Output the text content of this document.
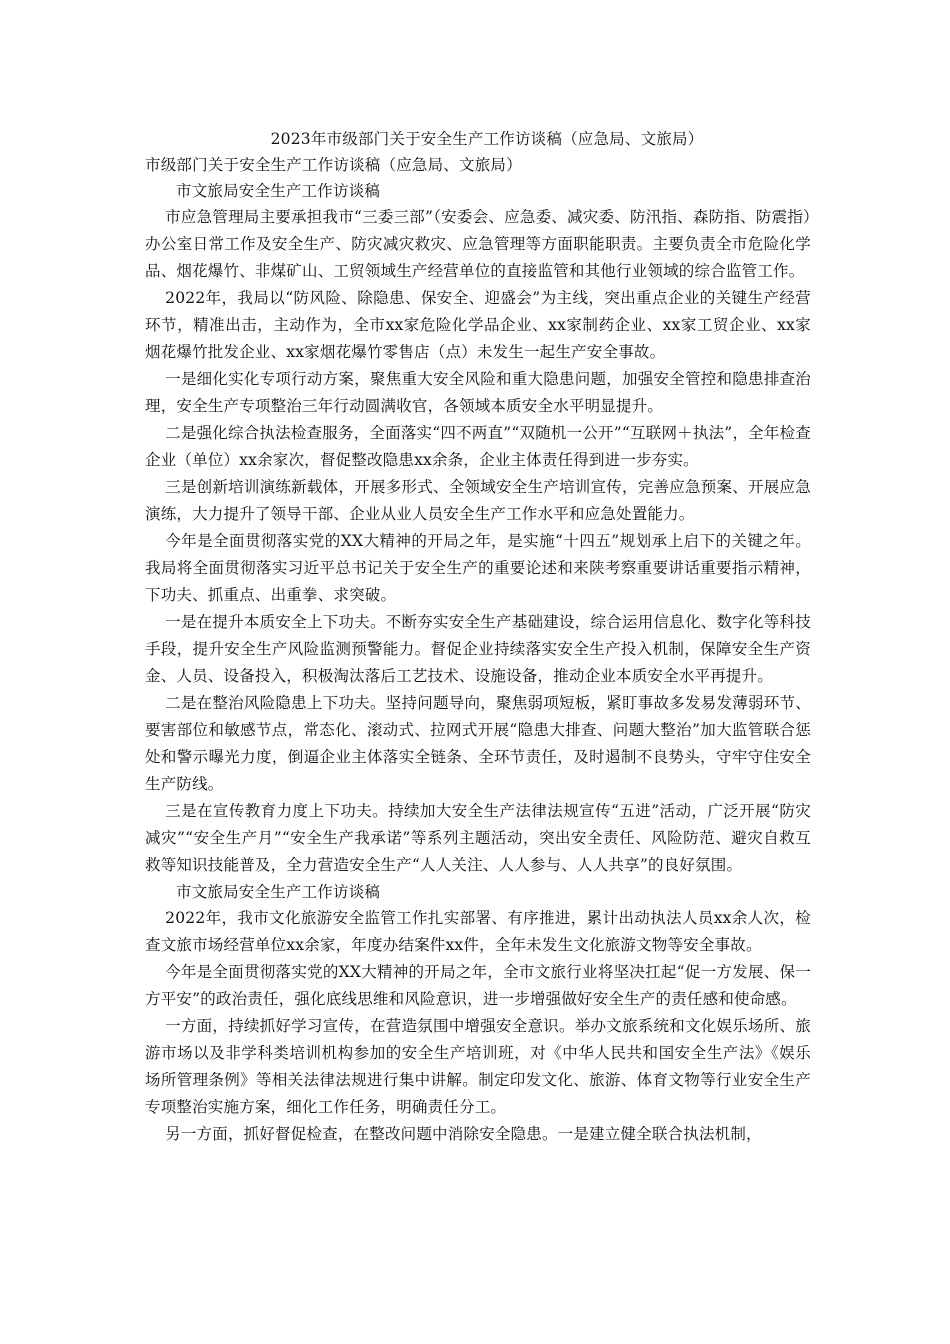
2023年市级部门关于安全生产工作访谈稿（应急局、文旅局）
市级部门关于安全生产工作访谈稿（应急局、文旅局）
市文旅局安全生产工作访谈稿

市应急管理局主要承担我市“三委三部”（安委会、应急委、减灾委、防汛指、森防指、防震指）办公室日常工作及安全生产、防灾减灾救灾、应急管理等方面职能职责。主要负责全市危险化学品、烟花爆竹、非煤矿山、工贸领域生产经营单位的直接监管和其他行业领域的综合监管工作。

2022年，我局以“防风险、除隐患、保安全、迎盛会”为主线，突出重点企业的关键生产经营环节，精准出击，主动作为，全市xx家危险化学品企业、xx家制药企业、xx家工贸企业、xx家烟花爆竹批发企业、xx家烟花爆竹零售店（点）未发生一起生产安全事故。

一是细化实化专项行动方案，聚焦重大安全风险和重大隐患问题，加强安全管控和隐患排查治理，安全生产专项整治三年行动圆满收官，各领域本质安全水平明显提升。

二是强化综合执法检查服务，全面落实“四不两直”“双随机一公开”“互联网＋执法”，全年检查企业（单位）xx余家次，督促整改隐患xx余条，企业主体责任得到进一步夯实。

三是创新培训演练新载体，开展多形式、全领域安全生产培训宣传，完善应急预案、开展应急演练，大力提升了领导干部、企业从业人员安全生产工作水平和应急处置能力。

今年是全面贯彻落实党的XX大精神的开局之年，是实施“十四五”规划承上启下的关键之年。我局将全面贯彻落实习近平总书记关于安全生产的重要论述和来陕考察重要讲话重要指示精神，下功夫、抓重点、出重拳、求突破。

一是在提升本质安全上下功夫。不断夯实安全生产基础建设，综合运用信息化、数字化等科技手段，提升安全生产风险监测预警能力。督促企业持续落实安全生产投入机制，保障安全生产资金、人员、设备投入，积极淘汰落后工艺技术、设施设备，推动企业本质安全水平再提升。

二是在整治风险隐患上下功夫。坚持问题导向，聚焦弱项短板，紧盯事故多发易发薄弱环节、要害部位和敏感节点，常态化、滚动式、拉网式开展“隐患大排查、问题大整治”加大监管联合惩处和警示曝光力度，倒逼企业主体落实全链条、全环节责任，及时遏制不良势头，守牢守住安全生产防线。

三是在宣传教育力度上下功夫。持续加大安全生产法律法规宣传“五进”活动，广泛开展“防灾减灾”“安全生产月”“安全生产我承诺”等系列主题活动，突出安全责任、风险防范、避灾自救互救等知识技能普及，全力营造安全生产“人人关注、人人参与、人人共享”的良好氛围。

市文旅局安全生产工作访谈稿

2022年，我市文化旅游安全监管工作扎实部署、有序推进，累计出动执法人员xx余人次，检查文旅市场经营单位xx余家，年度办结案件xx件，全年未发生文化旅游文物等安全事故。

今年是全面贯彻落实党的XX大精神的开局之年，全市文旅行业将坚决扛起“促一方发展、保一方平安”的政治责任，强化底线思维和风险意识，进一步增强做好安全生产的责任感和使命感。

一方面，持续抓好学习宣传，在营造氛围中增强安全意识。举办文旅系统和文化娱乐场所、旅游市场以及非学科类培训机构参加的安全生产培训班，对《中华人民共和国安全生产法》《娱乐场所管理条例》等相关法律法规进行集中讲解。制定印发文化、旅游、体育文物等行业安全生产专项整治实施方案，细化工作任务，明确责任分工。

另一方面，抓好督促检查，在整改问题中消除安全隐患。一是建立健全联合执法机制，
